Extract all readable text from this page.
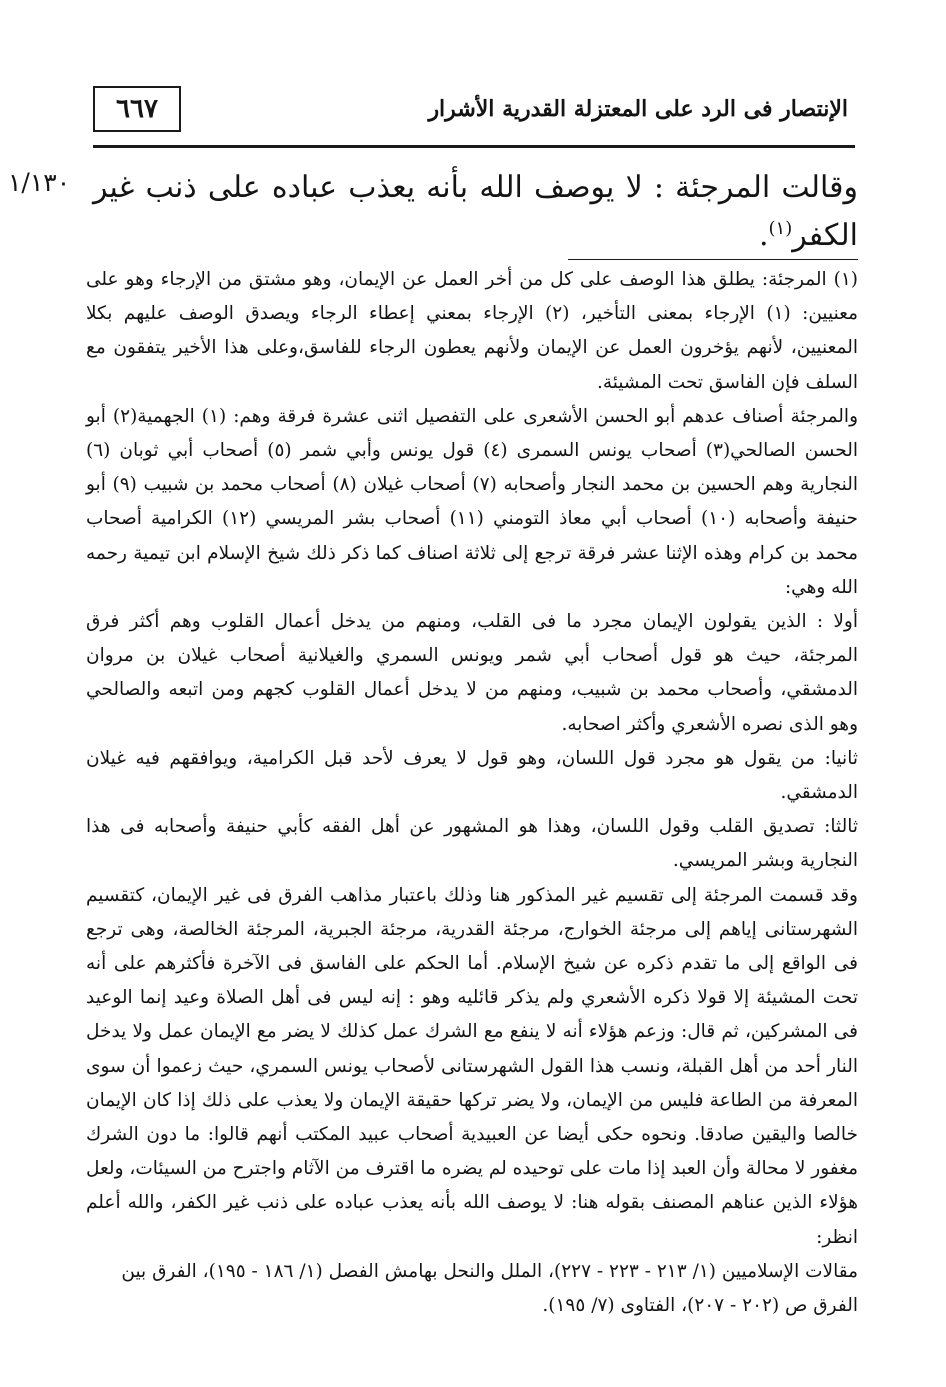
٦٦٧	الإنتصار فى الرد على المعتزلة القدرية الأشرار
١/١٣٠ وقالت المرجئة : لا يوصف الله بأنه يعذب عباده على ذنب غير الكفر$^{(١)}$.

(١) المرجئة: يطلق هذا الوصف على كل من أخر العمل عن الإيمان، وهو مشتق من الإرجاء وهو على معنيين: (١) الإرجاء بمعنى التأخير، (٢) الإرجاء بمعني إعطاء الرجاء ويصدق الوصف عليهم بكلا المعنيين، لأنهم يؤخرون العمل عن الإيمان ولأنهم يعطون الرجاء للفاسق،وعلى هذا الأخير يتفقون مع السلف فإن الفاسق تحت المشيئة.

والمرجئة أصناف عدهم أبو الحسن الأشعرى على التفصيل اثنى عشرة فرقة وهم: (١) الجهمية(٢) أبو الحسن الصالحي(٣) أصحاب يونس السمرى (٤) قول يونس وأبي شمر (٥) أصحاب أبي ثوبان (٦) النجارية وهم الحسين بن محمد النجار وأصحابه (٧) أصحاب غيلان (٨) أصحاب محمد بن شبيب (٩) أبو حنيفة وأصحابه (١٠) أصحاب أبي معاذ التومني (١١) أصحاب بشر المريسي (١٢) الكرامية أصحاب محمد بن كرام وهذه الإثنا عشر فرقة ترجع إلى ثلاثة اصناف كما ذكر ذلك شيخ الإسلام ابن تيمية رحمه الله وهي:

أولا : الذين يقولون الإيمان مجرد ما فى القلب، ومنهم من يدخل أعمال القلوب وهم أكثر فرق المرجئة، حيث هو قول أصحاب أبي شمر ويونس السمري والغيلانية أصحاب غيلان بن مروان الدمشقي، وأصحاب محمد بن شبيب، ومنهم من لا يدخل أعمال القلوب كجهم ومن اتبعه والصالحي وهو الذى نصره الأشعري وأكثر اصحابه.

ثانيا: من يقول هو مجرد قول اللسان، وهو قول لا يعرف لأحد قبل الكرامية، ويوافقهم فيه غيلان الدمشقي.

ثالثا: تصديق القلب وقول اللسان، وهذا هو المشهور عن أهل الفقه كأبي حنيفة وأصحابه فى هذا النجارية وبشر المريسي.

وقد قسمت المرجئة إلى تقسيم غير المذكور هنا وذلك باعتبار مذاهب الفرق فى غير الإيمان، كتقسيم الشهرستانى إياهم إلى مرجئة الخوارج، مرجئة القدرية، مرجئة الجبرية، المرجئة الخالصة، وهى ترجع فى الواقع إلى ما تقدم ذكره عن شيخ الإسلام. أما الحكم على الفاسق فى الآخرة فأكثرهم على أنه تحت المشيئة إلا قولا ذكره الأشعري ولم يذكر قائليه وهو : إنه ليس فى أهل الصلاة وعيد إنما الوعيد فى المشركين، ثم قال: وزعم هؤلاء أنه لا ينفع مع الشرك عمل كذلك لا يضر مع الإيمان عمل ولا يدخل النار أحد من أهل القبلة، ونسب هذا القول الشهرستانى لأصحاب يونس السمري، حيث زعموا أن سوى المعرفة من الطاعة فليس من الإيمان، ولا يضر تركها حقيقة الإيمان ولا يعذب على ذلك إذا كان الإيمان خالصا واليقين صادقا. ونحوه حكى أيضا عن العبيدية أصحاب عبيد المكتب أنهم قالوا: ما دون الشرك مغفور لا محالة وأن العبد إذا مات على توحيده لم يضره ما اقترف من الآثام واجترح من السيئات، ولعل هؤلاء الذين عناهم المصنف بقوله هنا: لا يوصف الله بأنه يعذب عباده على ذنب غير الكفر، والله أعلم انظر:

مقالات الإسلاميين (١/ ٢١٣ - ٢٢٣ - ٢٢٧)، الملل والنحل بهامش الفصل (١/ ١٨٦ - ١٩٥)، الفرق بين الفرق ص (٢٠٢ - ٢٠٧)، الفتاوى (٧/ ١٩٥).
